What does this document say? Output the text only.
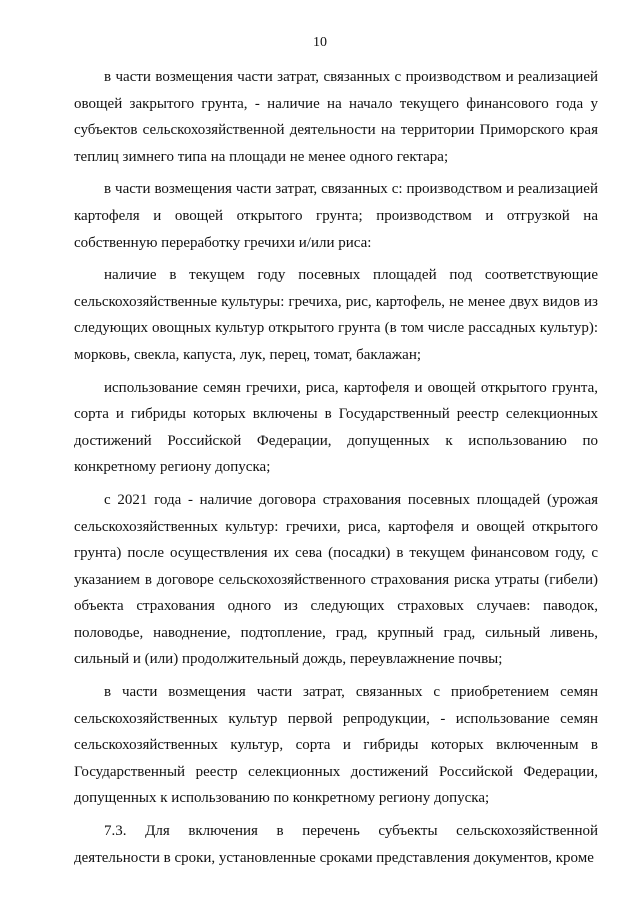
10

в части возмещения части затрат, связанных с производством и реализацией овощей закрытого грунта, - наличие на начало текущего финансового года у субъектов сельскохозяйственной деятельности на территории Приморского края теплиц зимнего типа на площади не менее одного гектара;

в части возмещения части затрат, связанных с: производством и реализацией картофеля и овощей открытого грунта; производством и отгрузкой на собственную переработку гречихи и/или риса:

наличие в текущем году посевных площадей под соответствующие сельскохозяйственные культуры: гречиха, рис, картофель, не менее двух видов из следующих овощных культур открытого грунта (в том числе рассадных культур): морковь, свекла, капуста, лук, перец, томат, баклажан;

использование семян гречихи, риса, картофеля и овощей открытого грунта, сорта и гибриды которых включены в Государственный реестр селекционных достижений Российской Федерации, допущенных к использованию по конкретному региону допуска;

с 2021 года - наличие договора страхования посевных площадей (урожая сельскохозяйственных культур: гречихи, риса, картофеля и овощей открытого грунта) после осуществления их сева (посадки) в текущем финансовом году, с указанием в договоре сельскохозяйственного страхования риска утраты (гибели) объекта страхования одного из следующих страховых случаев: паводок, половодье, наводнение, подтопление, град, крупный град, сильный ливень, сильный и (или) продолжительный дождь, переувлажнение почвы;

в части возмещения части затрат, связанных с приобретением семян сельскохозяйственных культур первой репродукции, - использование семян сельскохозяйственных культур, сорта и гибриды которых включенным в Государственный реестр селекционных достижений Российской Федерации, допущенных к использованию по конкретному региону допуска;

7.3. Для включения в перечень субъекты сельскохозяйственной деятельности в сроки, установленные сроками представления документов, кроме
